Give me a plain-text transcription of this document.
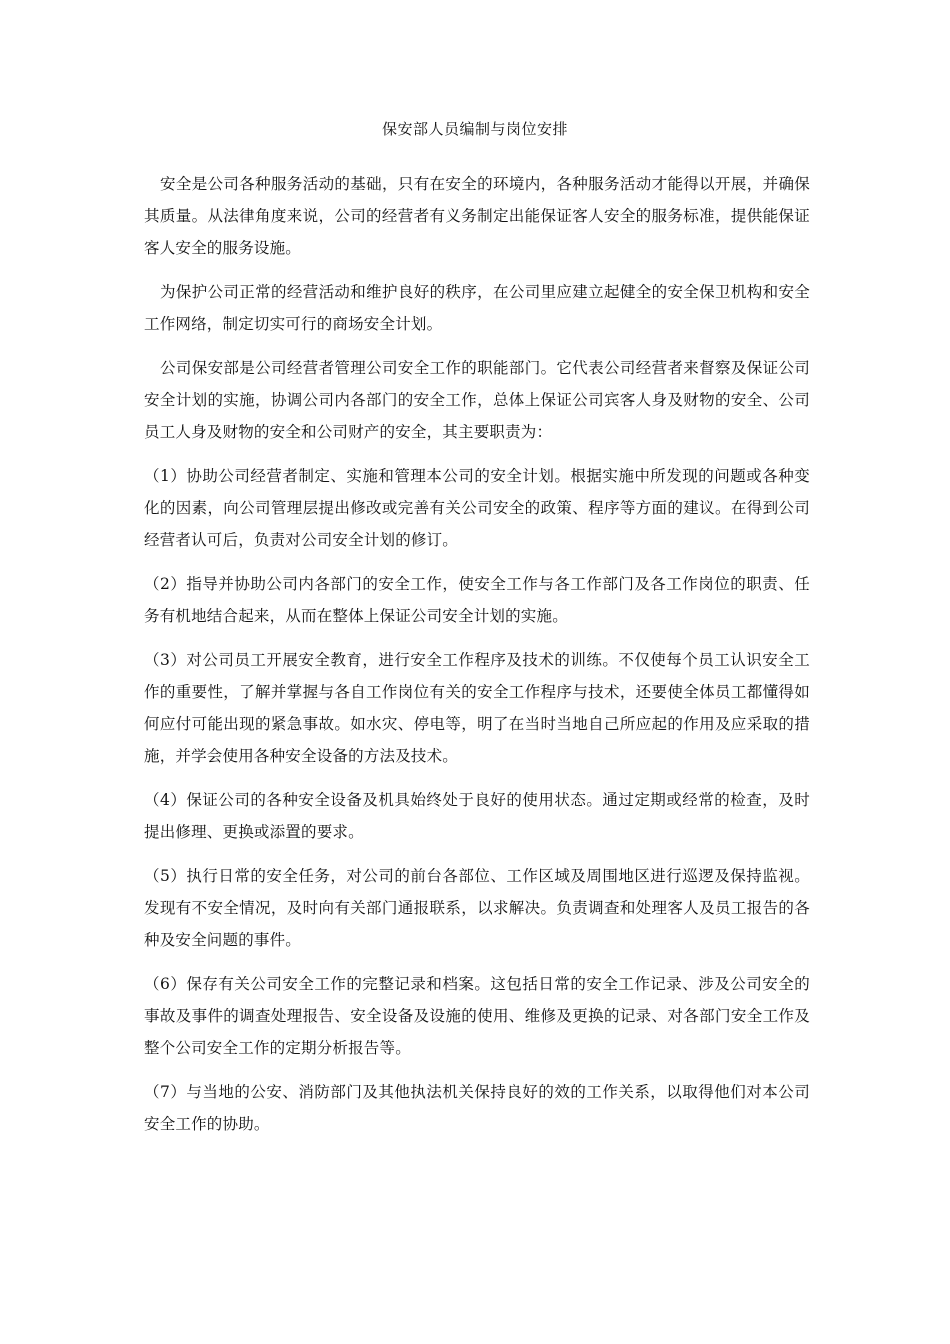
保安部人员编制与岗位安排

安全是公司各种服务活动的基础，只有在安全的环境内，各种服务活动才能得以开展，并确保其质量。从法律角度来说，公司的经营者有义务制定出能保证客人安全的服务标准，提供能保证客人安全的服务设施。

为保护公司正常的经营活动和维护良好的秩序，在公司里应建立起健全的安全保卫机构和安全工作网络，制定切实可行的商场安全计划。

公司保安部是公司经营者管理公司安全工作的职能部门。它代表公司经营者来督察及保证公司安全计划的实施，协调公司内各部门的安全工作，总体上保证公司宾客人身及财物的安全、公司员工人身及财物的安全和公司财产的安全，其主要职责为：

（1）协助公司经营者制定、实施和管理本公司的安全计划。根据实施中所发现的问题或各种变化的因素，向公司管理层提出修改或完善有关公司安全的政策、程序等方面的建议。在得到公司经营者认可后，负责对公司安全计划的修订。

（2）指导并协助公司内各部门的安全工作，使安全工作与各工作部门及各工作岗位的职责、任务有机地结合起来，从而在整体上保证公司安全计划的实施。

（3）对公司员工开展安全教育，进行安全工作程序及技术的训练。不仅使每个员工认识安全工作的重要性，了解并掌握与各自工作岗位有关的安全工作程序与技术，还要使全体员工都懂得如何应付可能出现的紧急事故。如水灾、停电等，明了在当时当地自己所应起的作用及应采取的措施，并学会使用各种安全设备的方法及技术。

（4）保证公司的各种安全设备及机具始终处于良好的使用状态。通过定期或经常的检查，及时提出修理、更换或添置的要求。

（5）执行日常的安全任务，对公司的前台各部位、工作区域及周围地区进行巡逻及保持监视。发现有不安全情况，及时向有关部门通报联系，以求解决。负责调查和处理客人及员工报告的各种及安全问题的事件。

（6）保存有关公司安全工作的完整记录和档案。这包括日常的安全工作记录、涉及公司安全的事故及事件的调查处理报告、安全设备及设施的使用、维修及更换的记录、对各部门安全工作及整个公司安全工作的定期分析报告等。

（7）与当地的公安、消防部门及其他执法机关保持良好的效的工作关系，以取得他们对本公司安全工作的协助。
